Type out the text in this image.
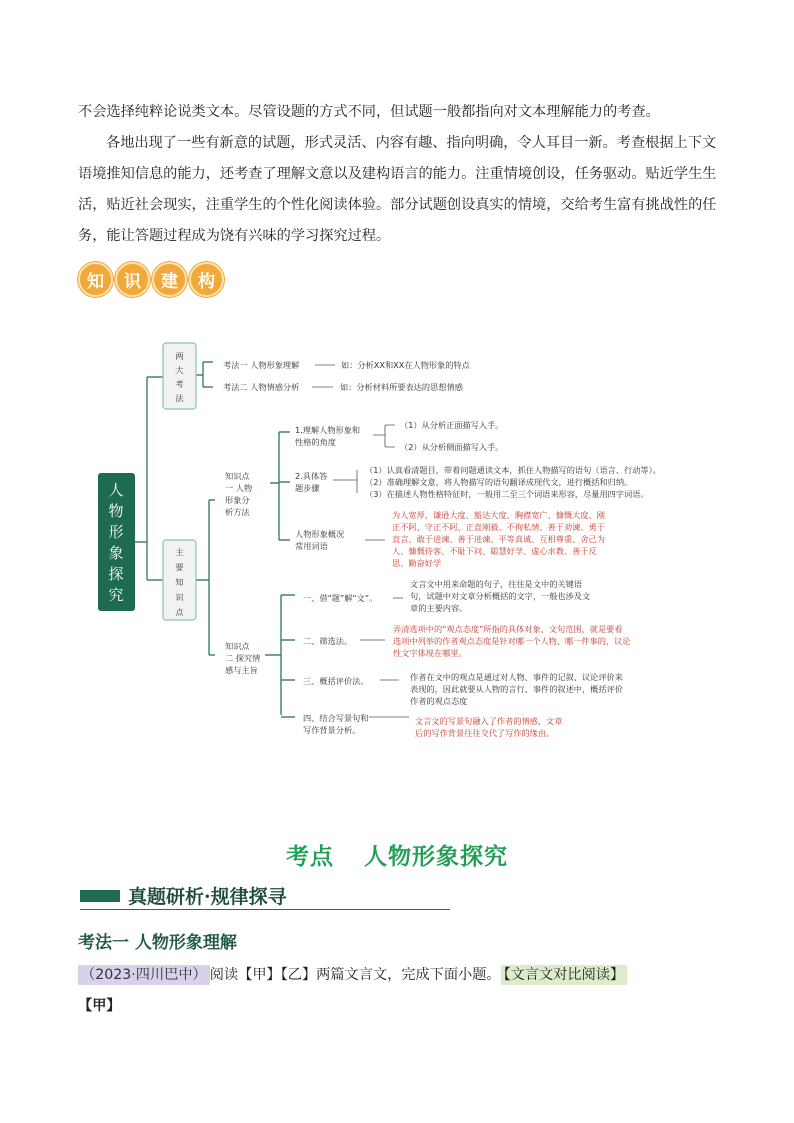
不会选择纯粹论说类文本。尽管设题的方式不同，但试题一般都指向对文本理解能力的考查。

各地出现了一些有新意的试题，形式灵活、内容有趣、指向明确，令人耳目一新。考查根据上下文语境推知信息的能力，还考查了理解文意以及建构语言的能力。注重情境创设，任务驱动。贴近学生生活，贴近社会现实，注重学生的个性化阅读体验。部分试题创设真实的情境，交给考生富有挑战性的任务，能让答题过程成为饶有兴味的学习探究过程。

知	识	建	构
人
物
形
象
探
究
两
大
考
法
主
要
知
识
点
考法一 人物形象理解	如：分析XX和XX在人物形象的特点
考法二 人物情感分析	如：分析材料所要表达的思想情感
知识点
一 人物
形象分
析方法
1.理解人物形象和
性格的角度
（1）从分析正面描写入手。
（2）从分析侧面描写入手。
2.具体答
题步骤
（1）认真看清题目，带着问题通读文本，抓住人物描写的语句（语言、行动等）。
（2）准确理解文意，将人物描写的语句翻译成现代文，进行概括和归纳。
（3）在描述人物性格特征时，一般用二至三个词语来形容，尽量用四字词语。
人物形象概况
常用词语
为人宽厚、谦逊大度、豁达大度、胸襟宽广、慷慨大度、刚
正不阿、守正不阿、正直刚毅、不徇私情、善于劝谏、勇于
直言、敢于进谏、善于进谏、平等真诚、互相尊重、舍己为
人、慷慨待客、不耻下问、聪慧好学、虚心求教、善于反
思、勤奋好学
知识点
二 探究情
感与主旨
一、借“题”解“文”。
文言文中用来命题的句子，往往是文中的关键语
句，试题中对文章分析概括的文字，一般也涉及文
章的主要内容。
二、筛选法。
弄清选项中的“观点态度”所指的具体对象、文句范围，就是要看
选项中列举的作者观点态度是针对哪一个人物、哪一件事的，议论
性文字体现在哪里。
三、概括评价法。	作者在文中的观点是通过对人物、事件的记叙、议论评价来
表现的，因此就要从人物的言行、事件的叙述中，概括评价
作者的观点态度
四、结合写景句和
写作背景分析。
文言文的写景句融入了作者的情感，文章
后的写作背景往往交代了写作的缘由。
考点 人物形象探究
真题研析·规律探寻
考法一 人物形象理解
（2023·四川巴中） 阅读【甲】【乙】两篇文言文，完成下面小题。 【文言文对比阅读】
【甲】
